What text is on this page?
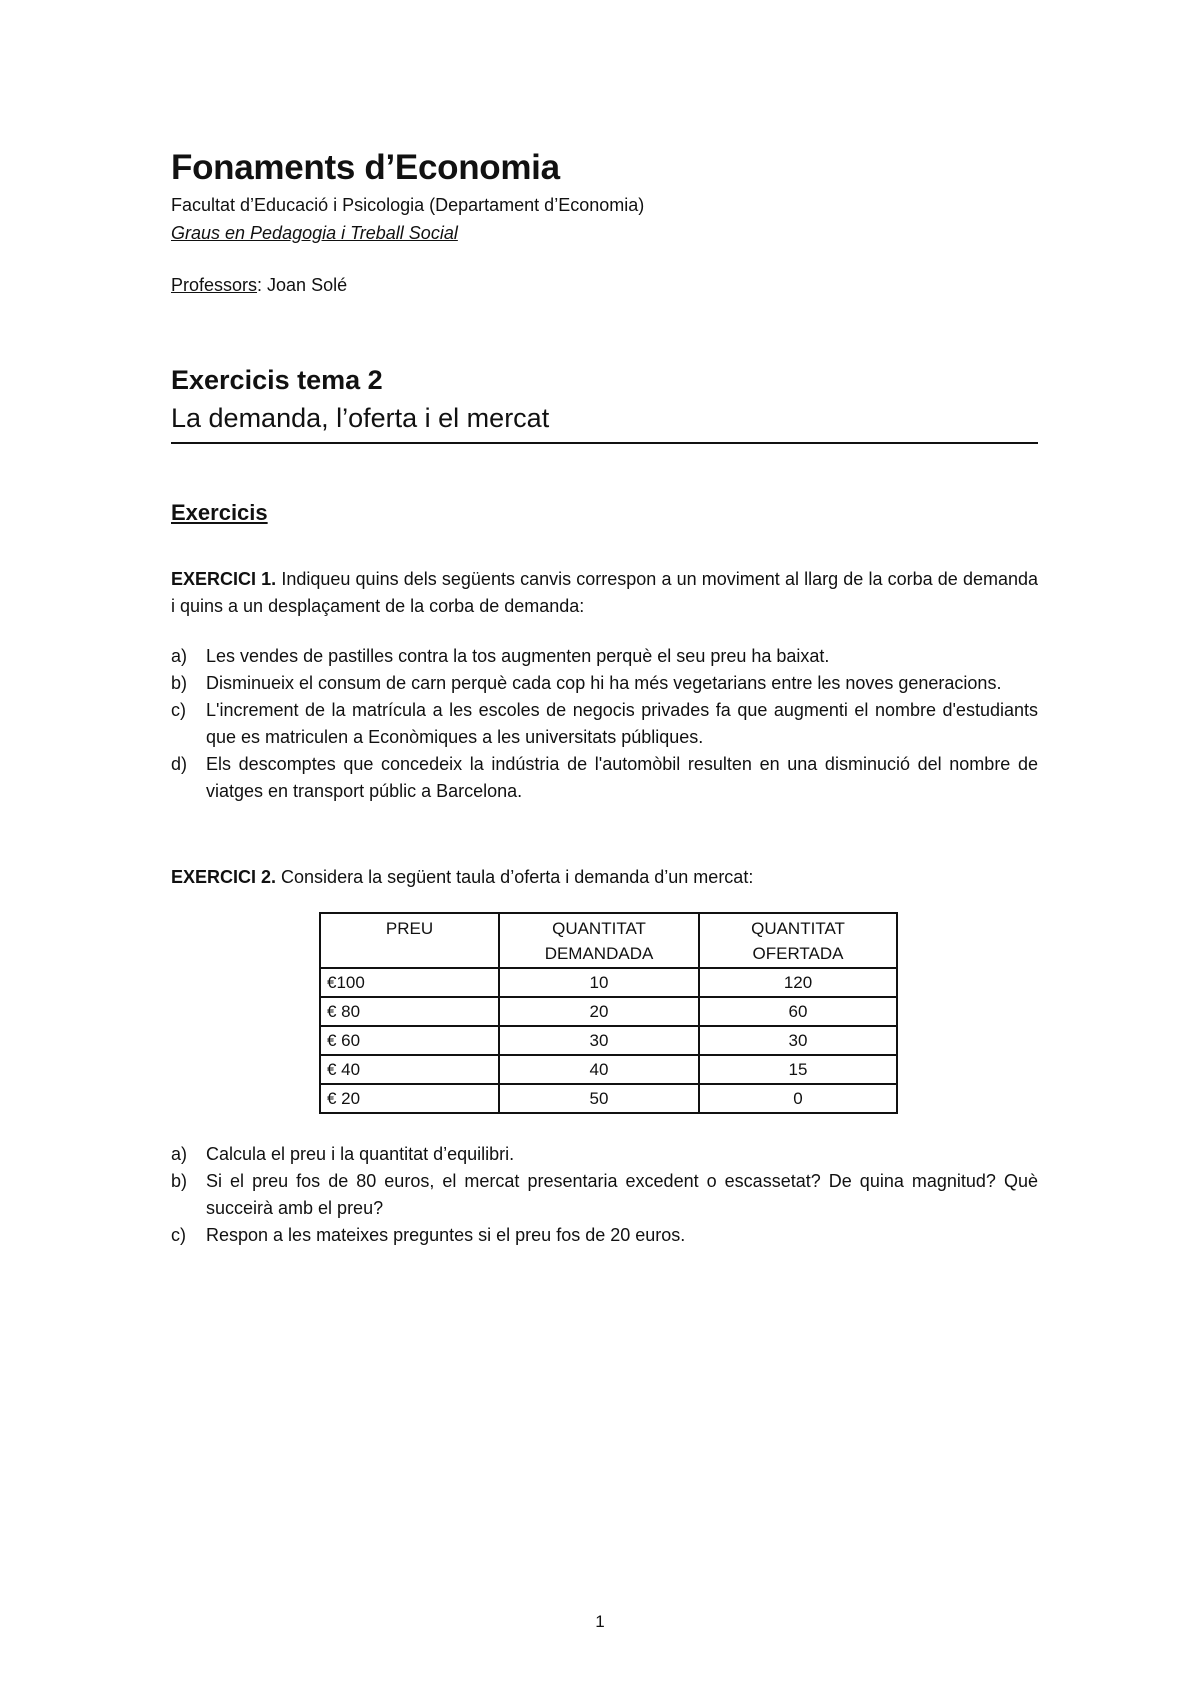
Fonaments d’Economia

Facultat d’Educació i Psicologia (Departament d’Economia)

Graus en Pedagogia i Treball Social

Professors: Joan Solé

Exercicis tema 2
La demanda, l’oferta i el mercat
Exercicis

EXERCICI 1. Indiqueu quins dels següents canvis correspon a un moviment al llarg de la corba de demanda i quins a un desplaçament de la corba de demanda:

a)	Les vendes de pastilles contra la tos augmenten perquè el seu preu ha baixat.
b)	Disminueix el consum de carn perquè cada cop hi ha més vegetarians entre les noves generacions.
c)	L'increment de la matrícula a les escoles de negocis privades fa que augmenti el nombre d'estudiants que es matriculen a Econòmiques a les universitats públiques.
d)	Els descomptes que concedeix la indústria de l'automòbil resulten en una disminució del nombre de viatges en transport públic a Barcelona.

EXERCICI 2. Considera la següent taula d’oferta i demanda d’un mercat:

PREU	QUANTITAT DEMANDADA	QUANTITAT OFERTADA
€100	10	120
€ 80	20	60
€ 60	30	30
€ 40	40	15
€ 20	50	0
a)	Calcula el preu i la quantitat d’equilibri.
b)	Si el preu fos de 80 euros, el mercat presentaria excedent o escassetat? De quina magnitud? Què succeirà amb el preu?
c)	Respon a les mateixes preguntes si el preu fos de 20 euros.
1
